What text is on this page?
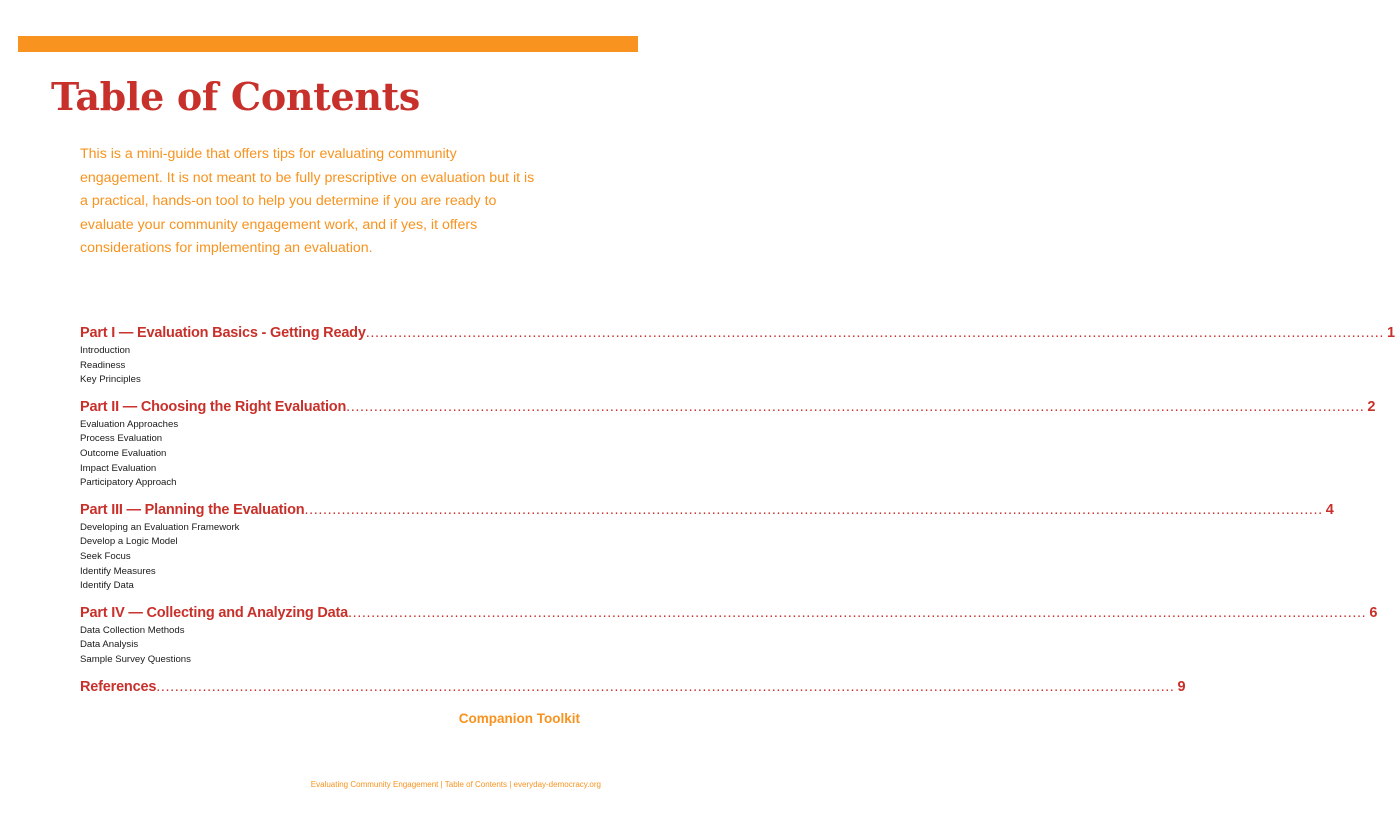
Table of Contents

This is a mini-guide that offers tips for evaluating community engagement. It is not meant to be fully prescriptive on evaluation but it is a practical, hands-on tool to help you determine if you are ready to evaluate your community engagement work, and if yes, it offers considerations for implementing an evaluation.

Part I — Evaluation Basics - Getting Ready ............................................................................................................................................................................................................................ 1
Introduction
Readiness
Key Principles
Part II — Choosing the Right Evaluation ............................................................................................................................................................................................................................ 2
Evaluation Approaches
Process Evaluation
Outcome Evaluation
Impact Evaluation
Participatory Approach
Part III — Planning the Evaluation ............................................................................................................................................................................................................................ 4
Developing an Evaluation Framework
Develop a Logic Model
Seek Focus
Identify Measures
Identify Data
Part IV — Collecting and Analyzing Data ............................................................................................................................................................................................................................ 6
Data Collection Methods
Data Analysis
Sample Survey Questions
References ............................................................................................................................................................................................................................ 9
Companion Toolkit
Evaluating Community Engagement | Table of Contents | everyday-democracy.org
